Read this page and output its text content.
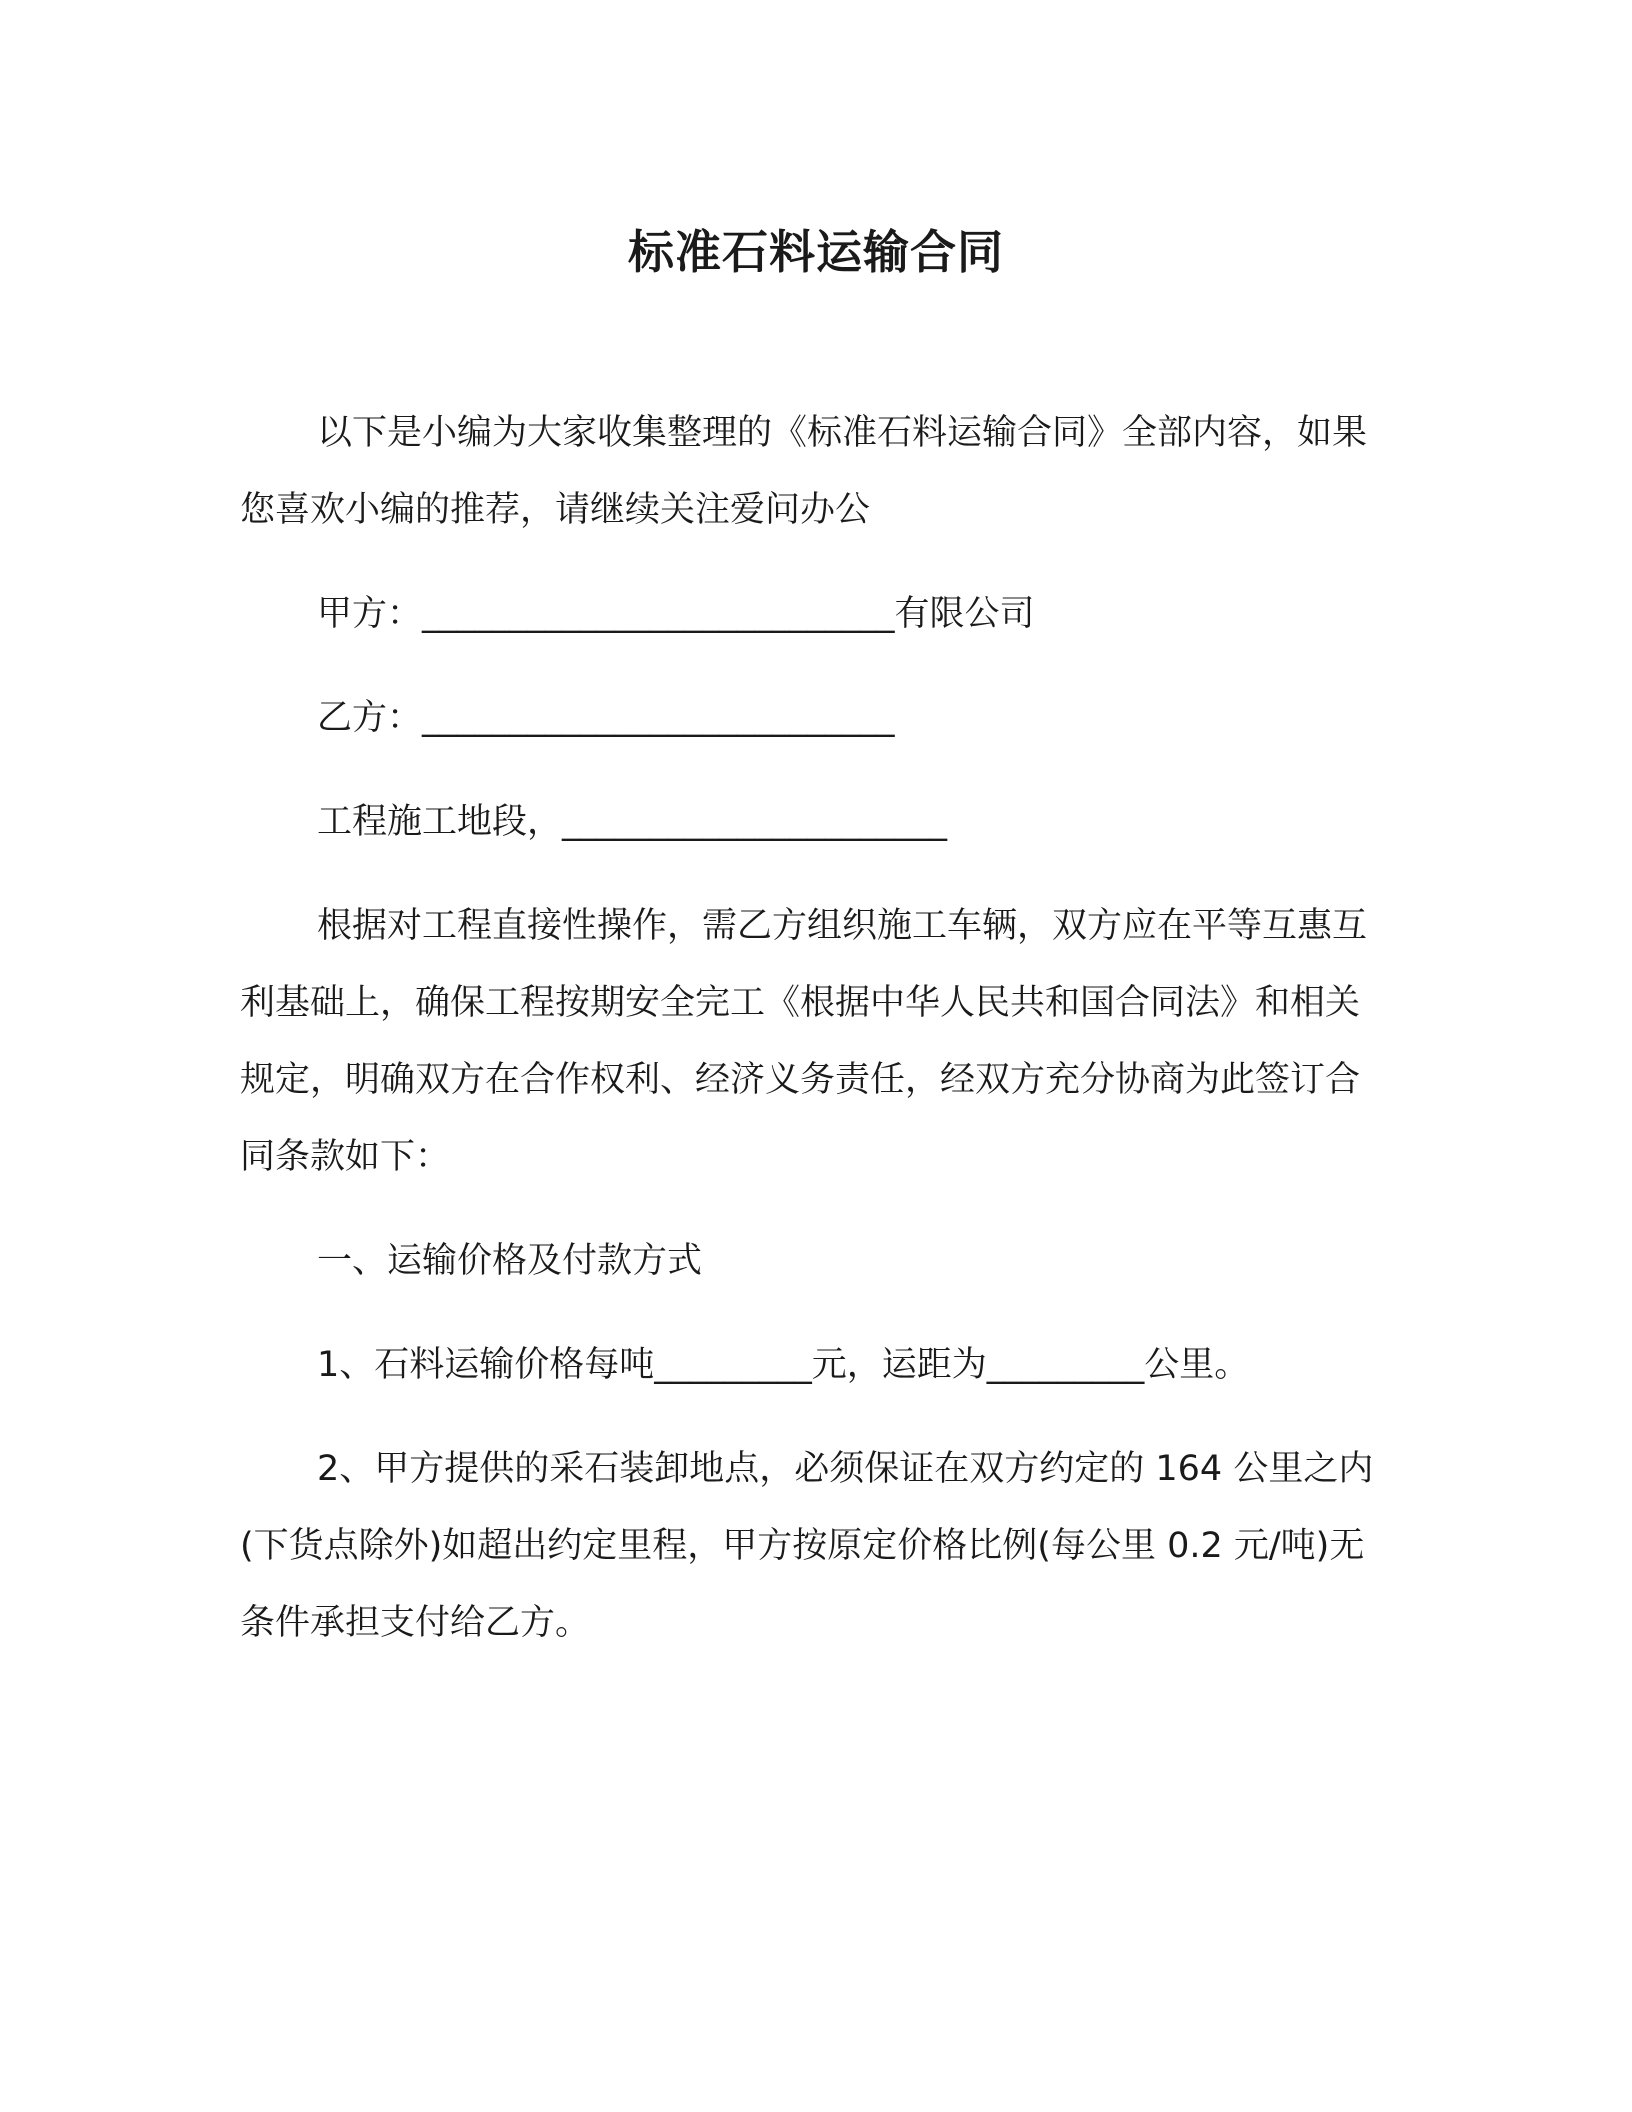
标准石料运输合同

以下是小编为大家收集整理的《标准石料运输合同》全部内容，如果您喜欢小编的推荐，请继续关注爱问办公

甲方：___________________________有限公司

乙方：___________________________

工程施工地段，______________________

根据对工程直接性操作，需乙方组织施工车辆，双方应在平等互惠互利基础上，确保工程按期安全完工《根据中华人民共和国合同法》和相关规定，明确双方在合作权利、经济义务责任，经双方充分协商为此签订合同条款如下：

一、运输价格及付款方式

1、石料运输价格每吨_________元，运距为_________公里。

2、甲方提供的采石装卸地点，必须保证在双方约定的 164 公里之内(下货点除外)如超出约定里程，甲方按原定价格比例(每公里 0.2 元/吨)无条件承担支付给乙方。
